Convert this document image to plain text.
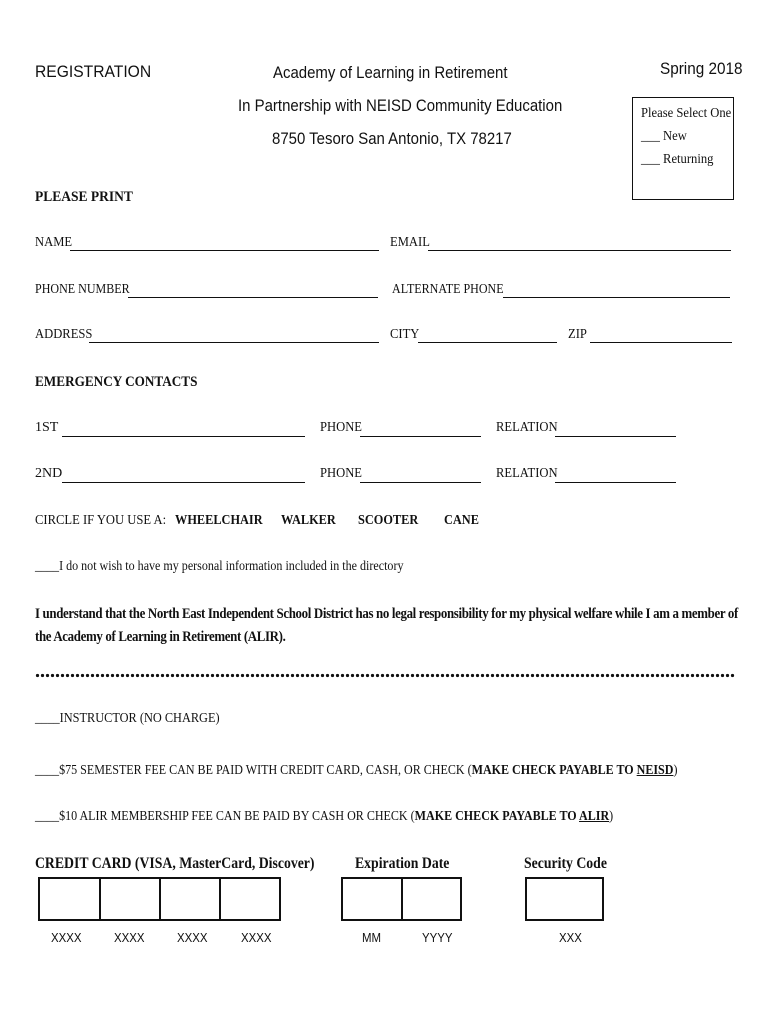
REGISTRATION	Academy of Learning in Retirement
In Partnership with NEISD Community Education
8750 Tesoro San Antonio, TX 78217
Spring 2018
Please Select One
___ New
___ Returning
PLEASE PRINT
NAME	EMAIL
PHONE NUMBER	ALTERNATE PHONE
ADDRESS	CITY	ZIP
EMERGENCY CONTACTS
1ST	PHONE	RELATION
2ND	PHONE	RELATION
CIRCLE IF YOU USE A: WHEELCHAIR WALKER SCOOTER CANE
____I do not wish to have my personal information included in the directory
I understand that the North East Independent School District has no legal responsibility for my physical welfare while I am a member of the Academy of Learning in Retirement (ALIR).
____INSTRUCTOR (NO CHARGE)
____$75 SEMESTER FEE CAN BE PAID WITH CREDIT CARD, CASH, OR CHECK (MAKE CHECK PAYABLE TO NEISD)
____$10 ALIR MEMBERSHIP FEE CAN BE PAID BY CASH OR CHECK (MAKE CHECK PAYABLE TO ALIR)
CREDIT CARD (VISA, MasterCard, Discover)	Expiration Date	Security Code
XXXX XXXX XXXX	XXXX	MM	YYYY	XXX
